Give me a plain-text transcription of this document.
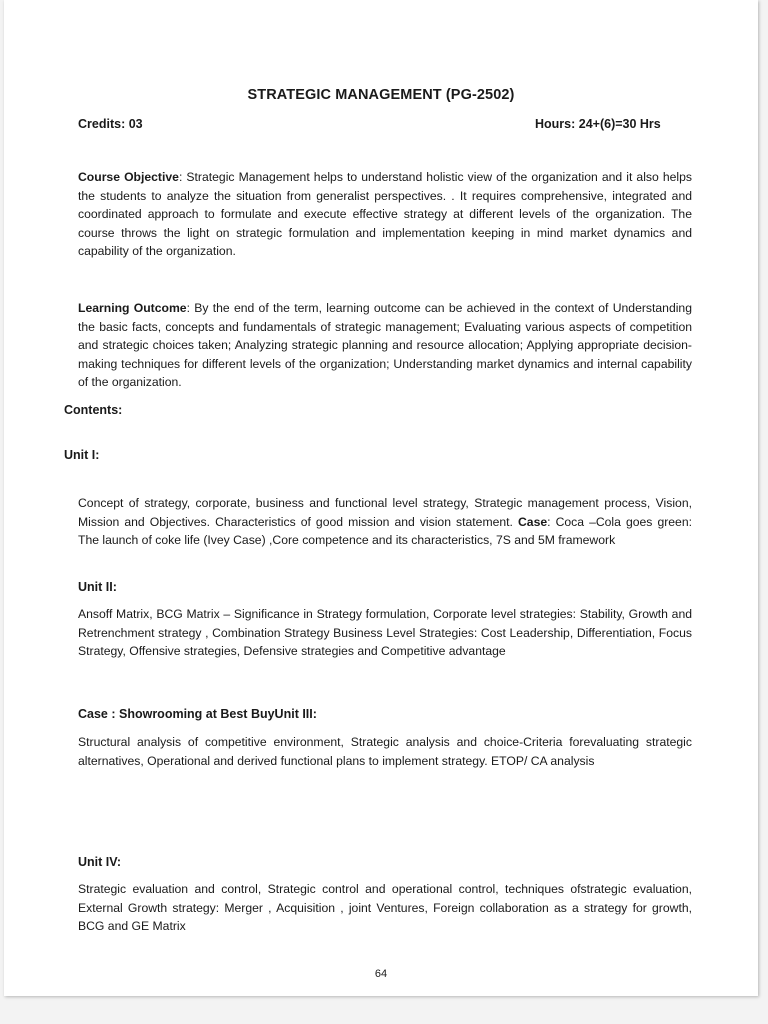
STRATEGIC MANAGEMENT (PG-2502)
Credits: 03	Hours: 24+(6)=30 Hrs

Course Objective: Strategic Management helps to understand holistic view of the organization and it also helps the students to analyze the situation from generalist perspectives. . It requires comprehensive, integrated and coordinated approach to formulate and execute effective strategy at different levels of the organization. The course throws the light on strategic formulation and implementation keeping in mind market dynamics and capability of the organization.

Learning Outcome: By the end of the term, learning outcome can be achieved in the context of Understanding the basic facts, concepts and fundamentals of strategic management; Evaluating various aspects of competition and strategic choices taken; Analyzing strategic planning and resource allocation; Applying appropriate decision-making techniques for different levels of the organization; Understanding market dynamics and internal capability of the organization.

Contents:
Unit I:

Concept of strategy, corporate, business and functional level strategy, Strategic management process, Vision, Mission and Objectives. Characteristics of good mission and vision statement. Case: Coca –Cola goes green: The launch of coke life (Ivey Case) ,Core competence and its characteristics, 7S and 5M framework

Unit II:

Ansoff Matrix, BCG Matrix – Significance in Strategy formulation, Corporate level strategies: Stability, Growth and Retrenchment strategy , Combination Strategy Business Level Strategies: Cost Leadership, Differentiation, Focus Strategy, Offensive strategies, Defensive strategies and Competitive advantage

Case : Showrooming at Best BuyUnit III:

Structural analysis of competitive environment, Strategic analysis and choice-Criteria forevaluating strategic alternatives, Operational and derived functional plans to implement strategy. ETOP/ CA analysis

Unit IV:

Strategic evaluation and control, Strategic control and operational control, techniques ofstrategic evaluation, External Growth strategy: Merger , Acquisition , joint Ventures, Foreign collaboration as a strategy for growth, BCG and GE Matrix

64
